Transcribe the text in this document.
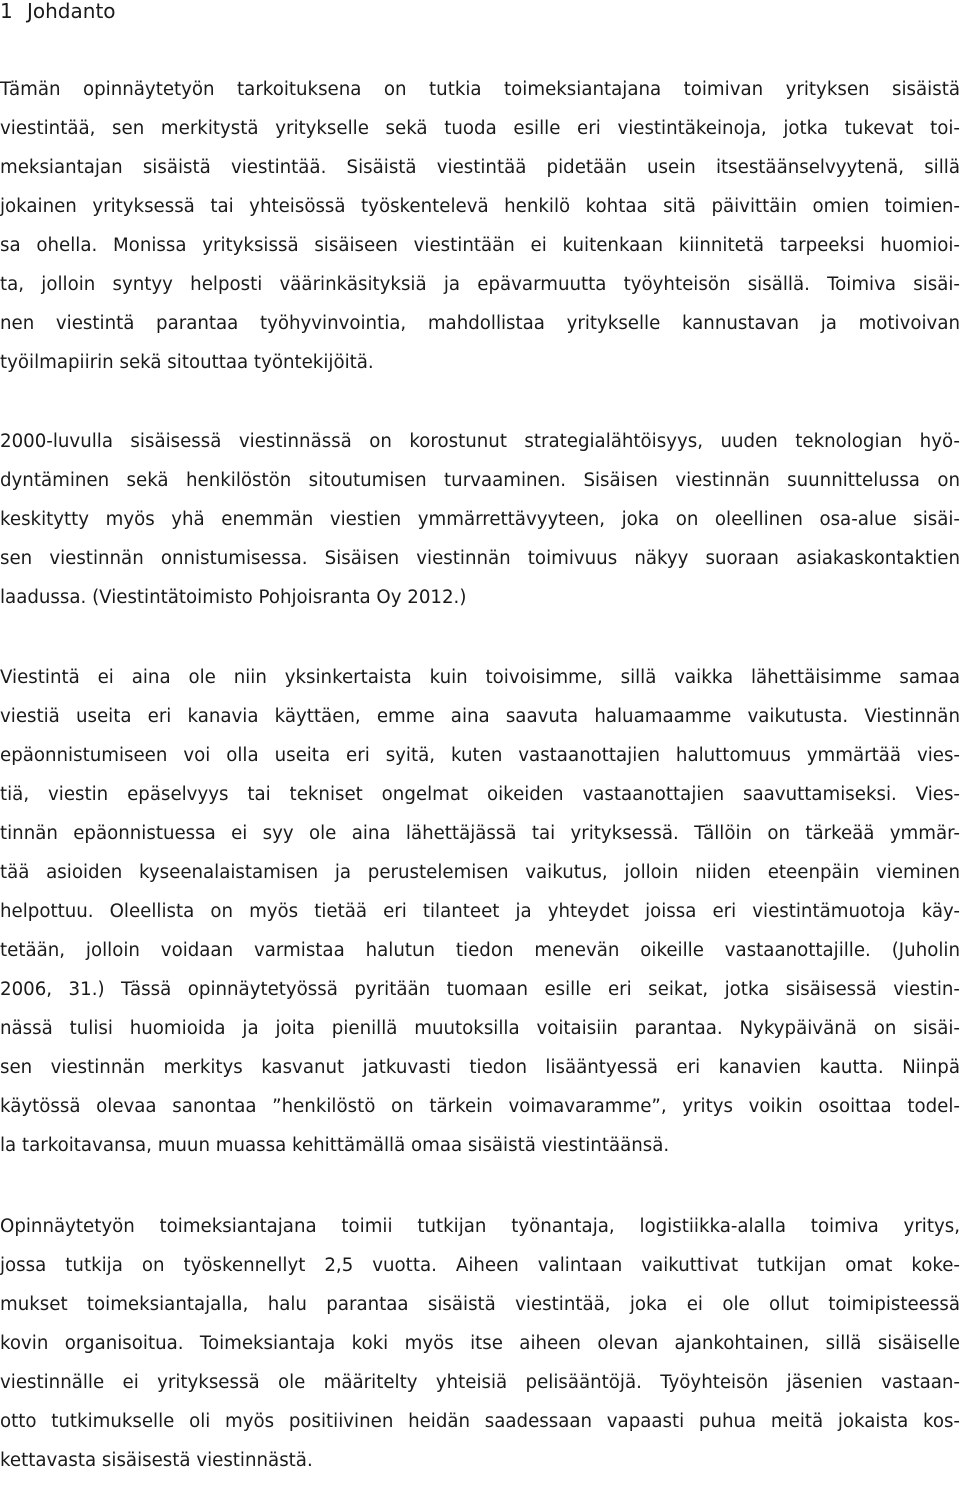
1 Johdanto

Tämän opinnäytetyön tarkoituksena on tutkia toimeksiantajana toimivan yrityksen sisäistä
viestintää, sen merkitystä yritykselle sekä tuoda esille eri viestintäkeinoja, jotka tukevat toi-
meksiantajan sisäistä viestintää. Sisäistä viestintää pidetään usein itsestäänselvyytenä, sillä
jokainen yrityksessä tai yhteisössä työskentelevä henkilö kohtaa sitä päivittäin omien toimien-
sa ohella. Monissa yrityksissä sisäiseen viestintään ei kuitenkaan kiinnitetä tarpeeksi huomioi-
ta, jolloin syntyy helposti väärinkäsityksiä ja epävarmuutta työyhteisön sisällä. Toimiva sisäi-
nen viestintä parantaa työhyvinvointia, mahdollistaa yritykselle kannustavan ja motivoivan
työilmapiirin sekä sitouttaa työntekijöitä.

2000-luvulla sisäisessä viestinnässä on korostunut strategialähtöisyys, uuden teknologian hyö-
dyntäminen sekä henkilöstön sitoutumisen turvaaminen. Sisäisen viestinnän suunnittelussa on
keskitytty myös yhä enemmän viestien ymmärrettävyyteen, joka on oleellinen osa-alue sisäi-
sen viestinnän onnistumisessa. Sisäisen viestinnän toimivuus näkyy suoraan asiakaskontaktien
laadussa. (Viestintätoimisto Pohjoisranta Oy 2012.)

Viestintä ei aina ole niin yksinkertaista kuin toivoisimme, sillä vaikka lähettäisimme samaa
viestiä useita eri kanavia käyttäen, emme aina saavuta haluamaamme vaikutusta. Viestinnän
epäonnistumiseen voi olla useita eri syitä, kuten vastaanottajien haluttomuus ymmärtää vies-
tiä, viestin epäselvyys tai tekniset ongelmat oikeiden vastaanottajien saavuttamiseksi. Vies-
tinnän epäonnistuessa ei syy ole aina lähettäjässä tai yrityksessä. Tällöin on tärkeää ymmär-
tää asioiden kyseenalaistamisen ja perustelemisen vaikutus, jolloin niiden eteenpäin vieminen
helpottuu. Oleellista on myös tietää eri tilanteet ja yhteydet joissa eri viestintämuotoja käy-
tetään, jolloin voidaan varmistaa halutun tiedon menevän oikeille vastaanottajille. (Juholin
2006, 31.) Tässä opinnäytetyössä pyritään tuomaan esille eri seikat, jotka sisäisessä viestin-
nässä tulisi huomioida ja joita pienillä muutoksilla voitaisiin parantaa. Nykypäivänä on sisäi-
sen viestinnän merkitys kasvanut jatkuvasti tiedon lisääntyessä eri kanavien kautta. Niinpä
käytössä olevaa sanontaa ”henkilöstö on tärkein voimavaramme”, yritys voikin osoittaa todel-
la tarkoitavansa, muun muassa kehittämällä omaa sisäistä viestintäänsä.

Opinnäytetyön toimeksiantajana toimii tutkijan työnantaja, logistiikka-alalla toimiva yritys,
jossa tutkija on työskennellyt 2,5 vuotta. Aiheen valintaan vaikuttivat tutkijan omat koke-
mukset toimeksiantajalla, halu parantaa sisäistä viestintää, joka ei ole ollut toimipisteessä
kovin organisoitua. Toimeksiantaja koki myös itse aiheen olevan ajankohtainen, sillä sisäiselle
viestinnälle ei yrityksessä ole määritelty yhteisiä pelisääntöjä. Työyhteisön jäsenien vastaan-
otto tutkimukselle oli myös positiivinen heidän saadessaan vapaasti puhua meitä jokaista kos-
kettavasta sisäisestä viestinnästä.
